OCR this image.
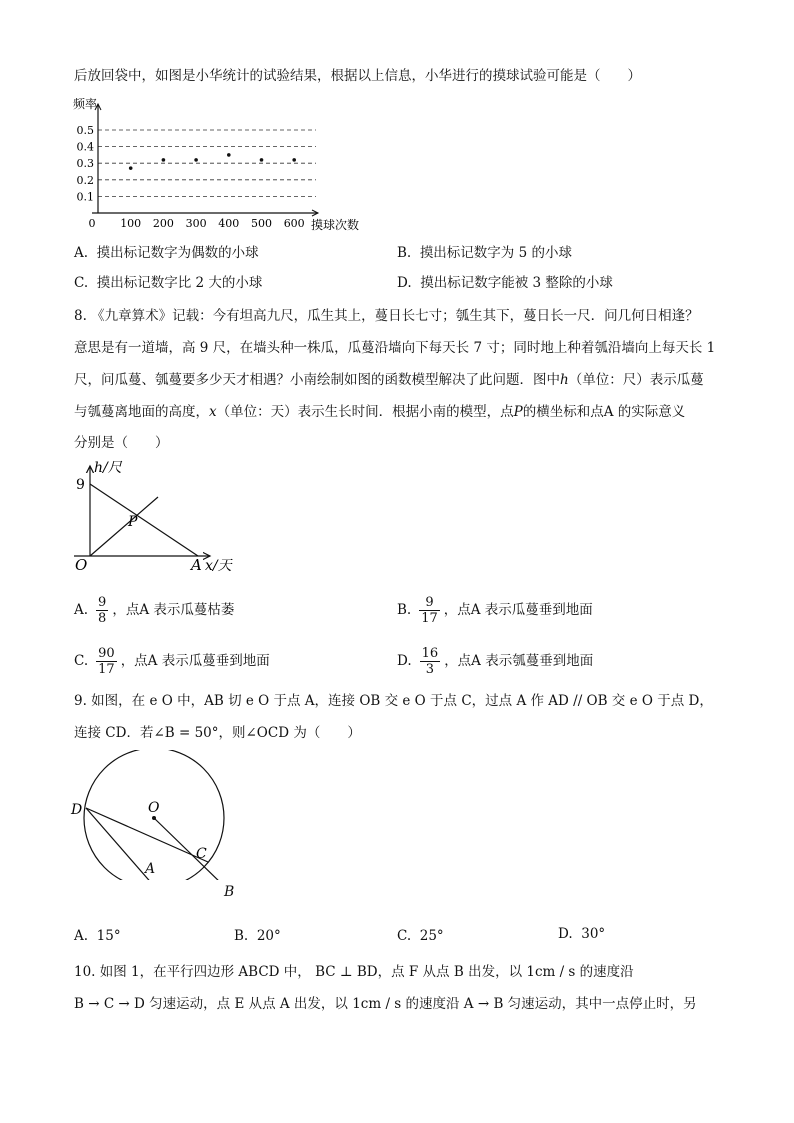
后放回袋中，如图是小华统计的试验结果，根据以上信息，小华进行的摸球试验可能是（　　）
频率
0.1
0.2
0.3
0.4
0.5
0 100 200 300 400 500 600 摸球次数
A. 摸出标记数字为偶数的小球	B. 摸出标记数字为 5 的小球
C. 摸出标记数字比 2 大的小球	D. 摸出标记数字能被 3 整除的小球
8. 《九章算术》记载：今有坦高九尺，瓜生其上，蔓日长七寸；瓠生其下，蔓日长一尺．问几何日相逢？
意思是有一道墙，高 9 尺，在墙头种一株瓜，瓜蔓沿墙向下每天长 7 寸；同时地上种着瓠沿墙向上每天长 1
尺，问瓜蔓、瓠蔓要多少天才相遇？小南绘制如图的函数模型解决了此问题．图中h（单位：尺）表示瓜蔓
与瓠蔓离地面的高度，x（单位：天）表示生长时间．根据小南的模型，点P的横坐标和点A 的实际意义
分别是（　　）
h/尺
9
O
P
A x/天
A. $\frac{9}{8}$ ，点A 表示瓜蔓枯萎	B. $\frac{9}{17}$ ，点A 表示瓜蔓垂到地面
C. $\frac{90}{17}$ ，点A 表示瓜蔓垂到地面	D. $\frac{16}{3}$ ，点A 表示瓠蔓垂到地面
9. 如图，在 e O 中，AB 切 e O 于点 A，连接 OB 交 e O 于点 C，过点 A 作 AD // OB 交 e O 于点 D，
连接 CD．若∠B = 50°，则∠OCD 为（　　）
D	O
C
A
B
A. 15°	B. 20°	C. 25°	D. 30°
10. 如图 1，在平行四边形 ABCD 中， BC ⊥ BD，点 F 从点 B 出发，以 1cm / s 的速度沿
B → C → D 匀速运动，点 E 从点 A 出发，以 1cm / s 的速度沿 A → B 匀速运动，其中一点停止时，另
